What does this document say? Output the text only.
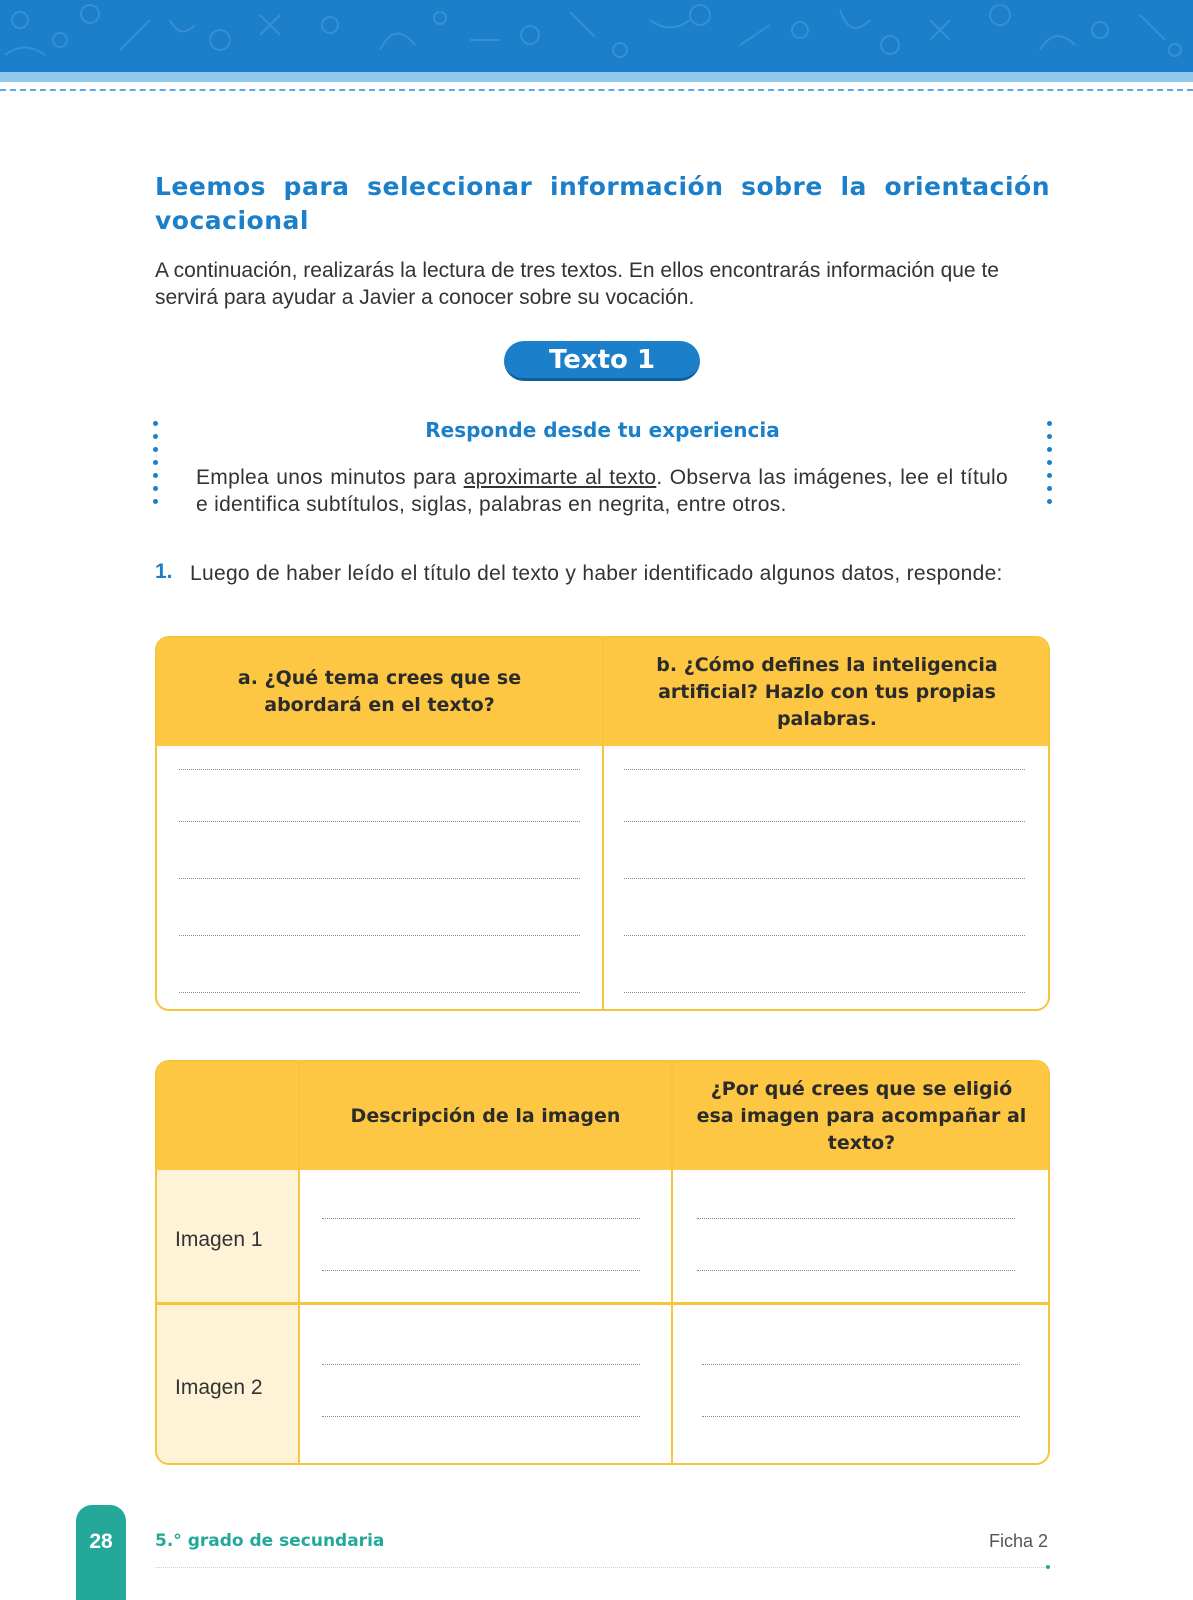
Leemos para seleccionar información sobre la orientación vocacional

A continuación, realizarás la lectura de tres textos. En ellos encontrarás información que te servirá para ayudar a Javier a conocer sobre su vocación.

Texto 1
Responde desde tu experiencia

Emplea unos minutos para aproximarte al texto. Observa las imágenes, lee el título e identifica subtítulos, siglas, palabras en negrita, entre otros.

1. Luego de haber leído el título del texto y haber identificado algunos datos, responde:

a. ¿Qué tema crees que se abordará en el texto?
b. ¿Cómo defines la inteligencia artificial? Hazlo con tus propias palabras.
Descripción de la imagen
¿Por qué crees que se eligió esa imagen para acompañar al texto?
Imagen 1
Imagen 2
28	5.° grado de secundaria	Ficha 2
